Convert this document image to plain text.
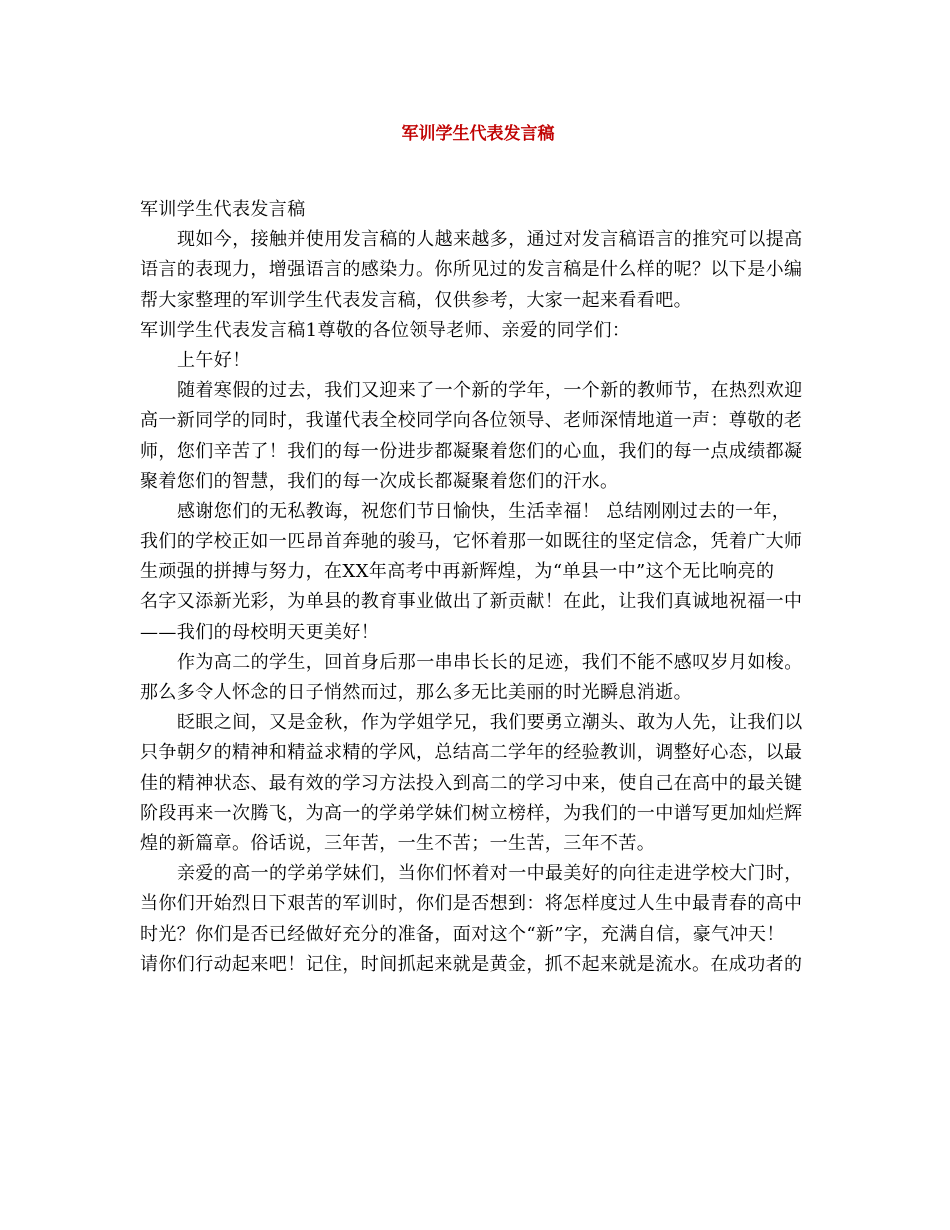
军训学生代表发言稿
军训学生代表发言稿
现如今，接触并使用发言稿的人越来越多，通过对发言稿语言的推究可以提高
语言的表现力，增强语言的感染力。你所见过的发言稿是什么样的呢？以下是小编
帮大家整理的军训学生代表发言稿，仅供参考，大家一起来看看吧。
军训学生代表发言稿1尊敬的各位领导老师、亲爱的同学们：
上午好！
随着寒假的过去，我们又迎来了一个新的学年，一个新的教师节，在热烈欢迎
高一新同学的同时，我谨代表全校同学向各位领导、老师深情地道一声：尊敬的老
师，您们辛苦了！我们的每一份进步都凝聚着您们的心血，我们的每一点成绩都凝
聚着您们的智慧，我们的每一次成长都凝聚着您们的汗水。
感谢您们的无私教诲，祝您们节日愉快，生活幸福！ 总结刚刚过去的一年，
我们的学校正如一匹昂首奔驰的骏马，它怀着那一如既往的坚定信念，凭着广大师
生顽强的拼搏与努力，在XX年高考中再新辉煌，为“单县一中”这个无比响亮的
名字又添新光彩，为单县的教育事业做出了新贡献！在此，让我们真诚地祝福一中
——我们的母校明天更美好！
作为高二的学生，回首身后那一串串长长的足迹，我们不能不感叹岁月如梭。
那么多令人怀念的日子悄然而过，那么多无比美丽的时光瞬息消逝。
眨眼之间，又是金秋，作为学姐学兄，我们要勇立潮头、敢为人先，让我们以
只争朝夕的精神和精益求精的学风，总结高二学年的经验教训，调整好心态，以最
佳的精神状态、最有效的学习方法投入到高二的学习中来，使自己在高中的最关键
阶段再来一次腾飞，为高一的学弟学妹们树立榜样，为我们的一中谱写更加灿烂辉
煌的新篇章。俗话说，三年苦，一生不苦；一生苦，三年不苦。
亲爱的高一的学弟学妹们，当你们怀着对一中最美好的向往走进学校大门时，
当你们开始烈日下艰苦的军训时，你们是否想到：将怎样度过人生中最青春的高中
时光？你们是否已经做好充分的准备，面对这个“新”字，充满自信，豪气冲天！
请你们行动起来吧！记住，时间抓起来就是黄金，抓不起来就是流水。在成功者的
